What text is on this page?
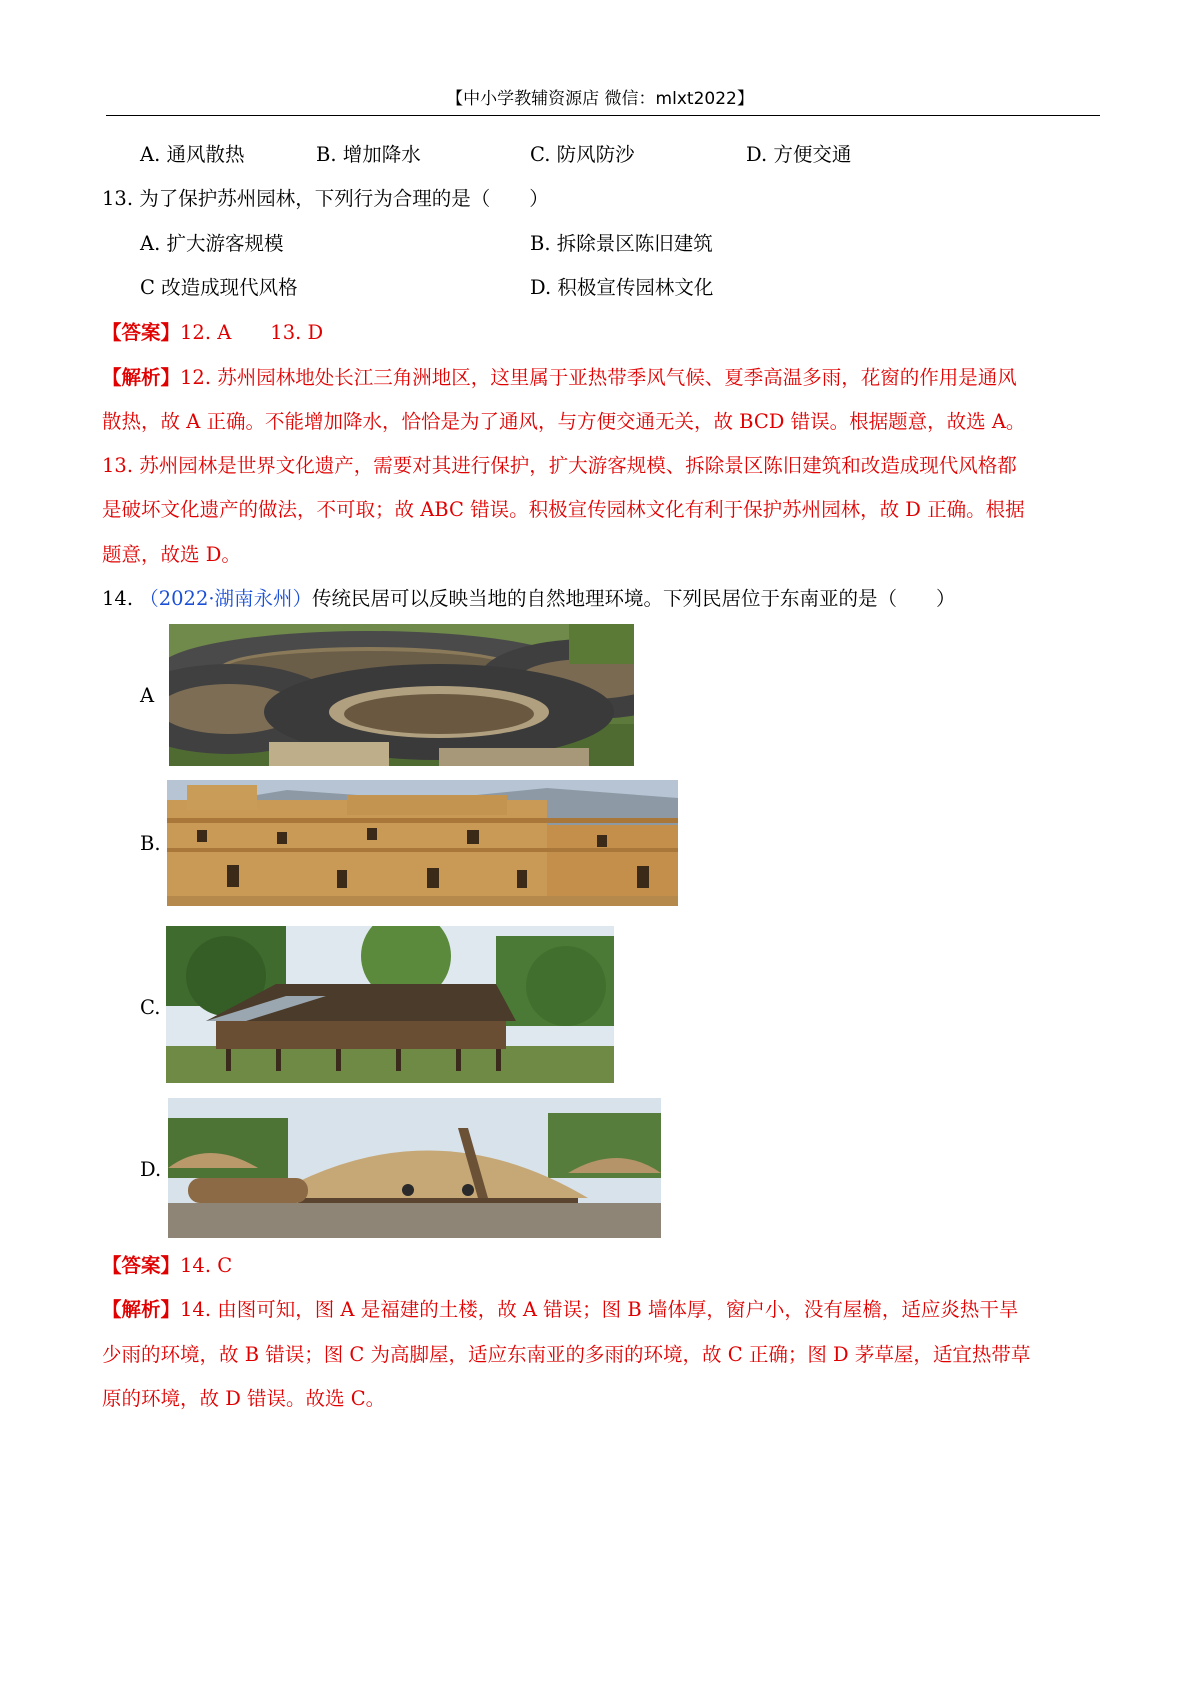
【中小学教辅资源店 微信：mlxt2022】
A. 通风散热	B. 增加降水	C. 防风防沙	D. 方便交通
13. 为了保护苏州园林，下列行为合理的是（　　）
A. 扩大游客规模	B. 拆除景区陈旧建筑
C 改造成现代风格	D. 积极宣传园林文化
【答案】12. A　　13. D
【解析】12. 苏州园林地处长江三角洲地区，这里属于亚热带季风气候、夏季高温多雨，花窗的作用是通风
散热，故 A 正确。不能增加降水，恰恰是为了通风，与方便交通无关，故 BCD 错误。根据题意，故选 A。
13. 苏州园林是世界文化遗产，需要对其进行保护，扩大游客规模、拆除景区陈旧建筑和改造成现代风格都
是破坏文化遗产的做法，不可取；故 ABC 错误。积极宣传园林文化有利于保护苏州园林，故 D 正确。根据
题意，故选 D。
14. （2022·湖南永州）传统民居可以反映当地的自然地理环境。下列民居位于东南亚的是（　　）
A
B.
C.
D.
【答案】14. C
【解析】14. 由图可知，图 A 是福建的土楼，故 A 错误；图 B 墙体厚，窗户小，没有屋檐，适应炎热干旱
少雨的环境，故 B 错误；图 C 为高脚屋，适应东南亚的多雨的环境，故 C 正确；图 D 茅草屋，适宜热带草
原的环境，故 D 错误。故选 C。
